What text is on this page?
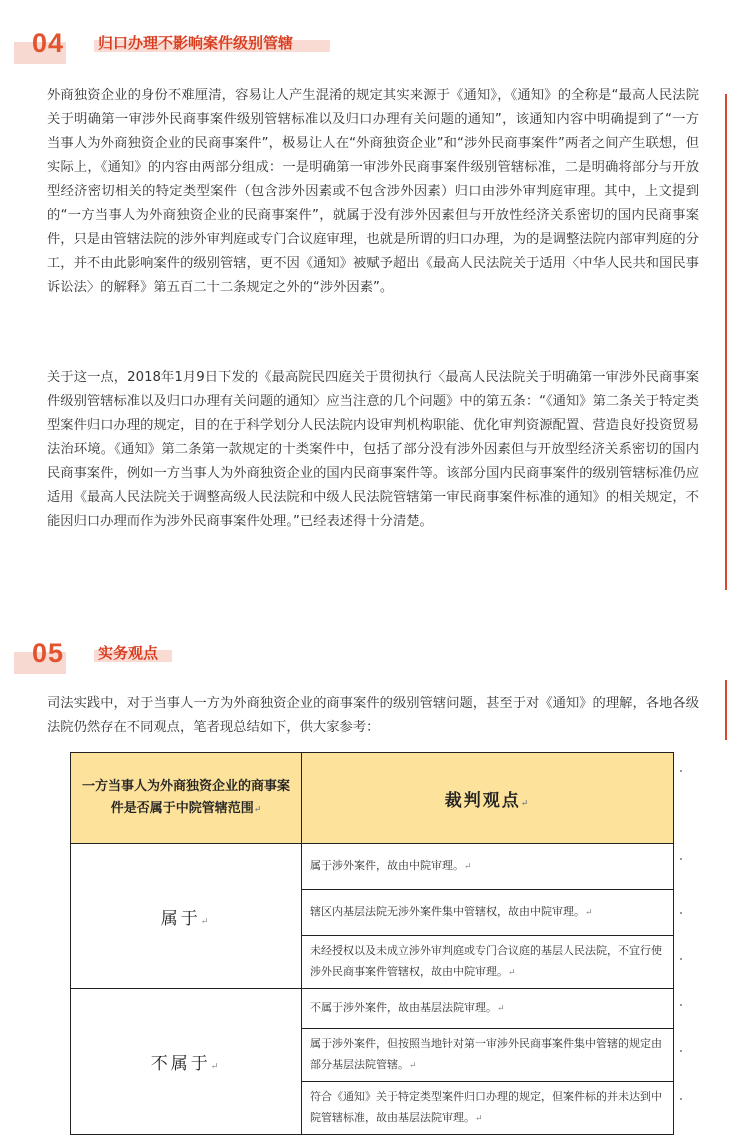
04 归口办理不影响案件级别管辖

外商独资企业的身份不难厘清，容易让人产生混淆的规定其实来源于《通知》，《通知》的全称是“最高人民法院关于明确第一审涉外民商事案件级别管辖标准以及归口办理有关问题的通知”，该通知内容中明确提到了“一方当事人为外商独资企业的民商事案件”，极易让人在“外商独资企业”和“涉外民商事案件”两者之间产生联想，但实际上，《通知》的内容由两部分组成：一是明确第一审涉外民商事案件级别管辖标准，二是明确将部分与开放型经济密切相关的特定类型案件（包含涉外因素或不包含涉外因素）归口由涉外审判庭审理。其中，上文提到的“一方当事人为外商独资企业的民商事案件”，就属于没有涉外因素但与开放性经济关系密切的国内民商事案件，只是由管辖法院的涉外审判庭或专门合议庭审理，也就是所谓的归口办理，为的是调整法院内部审判庭的分工，并不由此影响案件的级别管辖，更不因《通知》被赋予超出《最高人民法院关于适用〈中华人民共和国民事诉讼法〉的解释》第五百二十二条规定之外的“涉外因素”。

关于这一点，2018年1月9日下发的《最高院民四庭关于贯彻执行〈最高人民法院关于明确第一审涉外民商事案件级别管辖标准以及归口办理有关问题的通知〉应当注意的几个问题》中的第五条：“《通知》第二条关于特定类型案件归口办理的规定，目的在于科学划分人民法院内设审判机构职能、优化审判资源配置、营造良好投资贸易法治环境。《通知》第二条第一款规定的十类案件中，包括了部分没有涉外因素但与开放型经济关系密切的国内民商事案件，例如一方当事人为外商独资企业的国内民商事案件等。该部分国内民商事案件的级别管辖标准仍应适用《最高人民法院关于调整高级人民法院和中级人民法院管辖第一审民商事案件标准的通知》的相关规定，不能因归口办理而作为涉外民商事案件处理。”已经表述得十分清楚。

05 实务观点

司法实践中，对于当事人一方为外商独资企业的商事案件的级别管辖问题，甚至于对《通知》的理解，各地各级法院仍然存在不同观点，笔者现总结如下，供大家参考：

一方当事人为外商独资企业的商事案件是否属于中院管辖范围↵	裁判观点↵
属于↵	属于涉外案件，故由中院审理。↵
	辖区内基层法院无涉外案件集中管辖权，故由中院审理。↵
	未经授权以及未成立涉外审判庭或专门合议庭的基层人民法院，不宜行使涉外民商事案件管辖权，故由中院审理。↵
不属于↵	不属于涉外案件，故由基层法院审理。↵
	属于涉外案件，但按照当地针对第一审涉外民商事案件集中管辖的规定由部分基层法院管辖。↵
	符合《通知》关于特定类型案件归口办理的规定，但案件标的并未达到中院管辖标准，故由基层法院审理。↵
